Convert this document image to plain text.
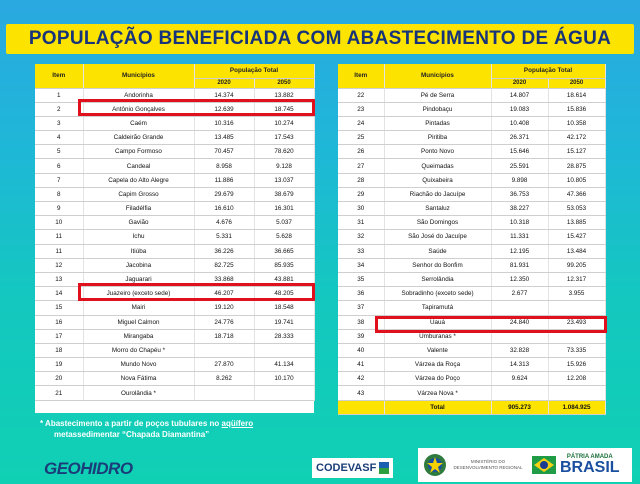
POPULAÇÃO BENEFICIADA COM ABASTECIMENTO DE ÁGUA
Item	Municípios	População Total	
		2020	2050
1	Andorinha	14.374	13.882
2	Antônio Gonçalves	12.639	18.745
3	Caém	10.316	10.274
4	Caldeirão Grande	13.485	17.543
5	Campo Formoso	70.457	78.620
6	Candeal	8.958	9.128
7	Capela do Alto Alegre	11.886	13.037
8	Capim Grosso	29.679	38.679
9	Filadélfia	16.610	16.301
10	Gavião	4.676	5.037
11	Ichu	5.331	5.628
11	Itiúba	36.226	36.665
12	Jacobina	82.725	85.935
13	Jaguarari	33.868	43.881
14	Juazeiro (exceto sede)	46.207	48.205
15	Mairi	19.120	18.548
16	Miguel Calmon	24.776	19.741
17	Mirangaba	18.718	28.333
18	Morro do Chapéu *		
19	Mundo Novo	27.870	41.134
20	Nova Fátima	8.262	10.170
21	Ourolândia *		
Item	Municípios	População Total	
		2020	2050
22	Pé de Serra	14.807	18.614
23	Pindobaçu	19.083	15.836
24	Pintadas	10.408	10.358
25	Piritiba	26.371	42.172
26	Ponto Novo	15.646	15.127
27	Queimadas	25.591	28.875
28	Quixabeira	9.898	10.805
29	Riachão do Jacuípe	36.753	47.366
30	Santaluz	38.227	53.053
31	São Domingos	10.318	13.885
32	São José do Jacuípe	11.331	15.427
33	Saúde	12.195	13.484
34	Senhor do Bonfim	81.931	99.205
35	Serrolândia	12.350	12.317
36	Sobradinho (exceto sede)	2.677	3.955
37	Tapiramutá		
38	Uauá	24.840	23.493
39	Umburanas *		
40	Valente	32.828	73.335
41	Várzea da Roça	14.313	15.926
42	Várzea do Poço	9.624	12.208
43	Várzea Nova *		
	Total	905.273	1.084.925
* Abastecimento a partir de poços tubulares no aqüífero
metassedimentar “Chapada Diamantina”
GEOHIDRO	CODEVASF
MINISTÉRIO DO DESENVOLVIMENTO REGIONAL
PÁTRIA AMADA
BRASIL
